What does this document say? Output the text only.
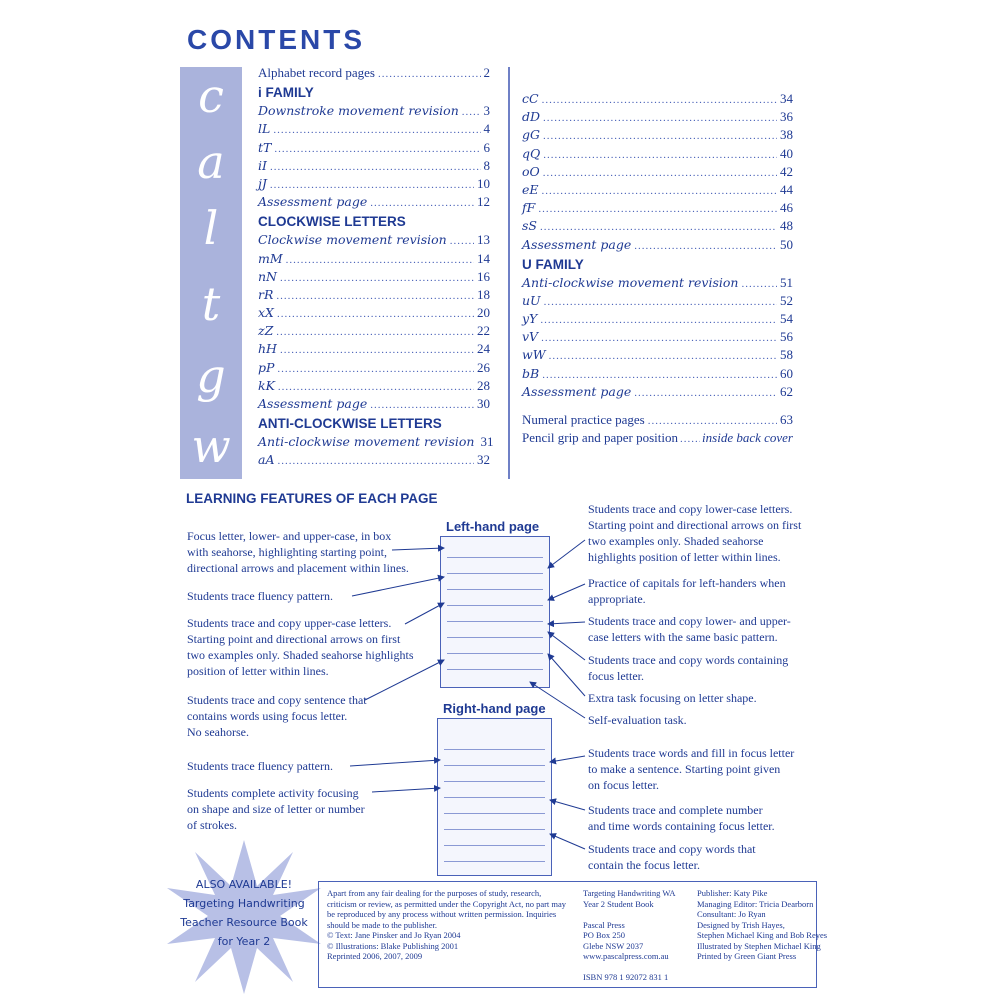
CONTENTS
c
a
l
t
g
w
Alphabet record pages .....	2
i FAMILY
Downstroke movement revision ..... 3
lL .....	4
tT .....	6
iI .....	8
jJ .....	10
Assessment page .....	12
CLOCKWISE LETTERS
Clockwise movement revision ..... 13
mM .....	14
nN .....	16
rR .....	18
xX .....	20
zZ .....	22
hH .....	24
pP .....	26
kK .....	28
Assessment page .....	30
ANTI-CLOCKWISE LETTERS
Anti-clockwise movement revision 31
aA .....	32
cC .....	34
dD .....	36
gG .....	38
qQ .....	40
oO .....	42
eE .....	44
fF .....	46
sS .....	48
Assessment page .....	50
U FAMILY
Anti-clockwise movement revision .....	51
uU .....	52
yY .....	54
vV .....	56
wW .....	58
bB .....	60
Assessment page .....	62
Numeral practice pages .....	63
Pencil grip and paper position ..... inside back cover
LEARNING FEATURES OF EACH PAGE
Left-hand page
Right-hand page
Focus letter, lower- and upper-case, in box
with seahorse, highlighting starting point,
directional arrows and placement within lines.
Students trace fluency pattern.
Students trace and copy upper-case letters.
Starting point and directional arrows on first
two examples only. Shaded seahorse highlights
position of letter within lines.
Students trace and copy sentence that
contains words using focus letter.
No seahorse.
Students trace fluency pattern.
Students complete activity focusing
on shape and size of letter or number
of strokes.
Students trace and copy lower-case letters.
Starting point and directional arrows on first
two examples only. Shaded seahorse
highlights position of letter within lines.
Practice of capitals for left-handers when
appropriate.
Students trace and copy lower- and upper-
case letters with the same basic pattern.
Students trace and copy words containing
focus letter.
Extra task focusing on letter shape.
Self-evaluation task.
Students trace words and fill in focus letter
to make a sentence. Starting point given
on focus letter.
Students trace and complete number
and time words containing focus letter.
Students trace and copy words that
contain the focus letter.
ALSO AVAILABLE!
Targeting Handwriting
Teacher Resource Book
for Year 2
Apart from any fair dealing for the purposes of study, research,
criticism or review, as permitted under the Copyright Act, no part may
be reproduced by any process without written permission. Inquiries
should be made to the publisher.
© Text: Jane Pinsker and Jo Ryan 2004
© Illustrations: Blake Publishing 2001
Reprinted 2006, 2007, 2009
Targeting Handwriting WA
Year 2 Student Book
Pascal Press
PO Box 250
Glebe NSW 2037
www.pascalpress.com.au
ISBN 978 1 92072 831 1
Publisher: Katy Pike
Managing Editor: Tricia Dearborn
Consultant: Jo Ryan
Designed by Trish Hayes,
Stephen Michael King and Bob Reyes
Illustrated by Stephen Michael King
Printed by Green Giant Press
